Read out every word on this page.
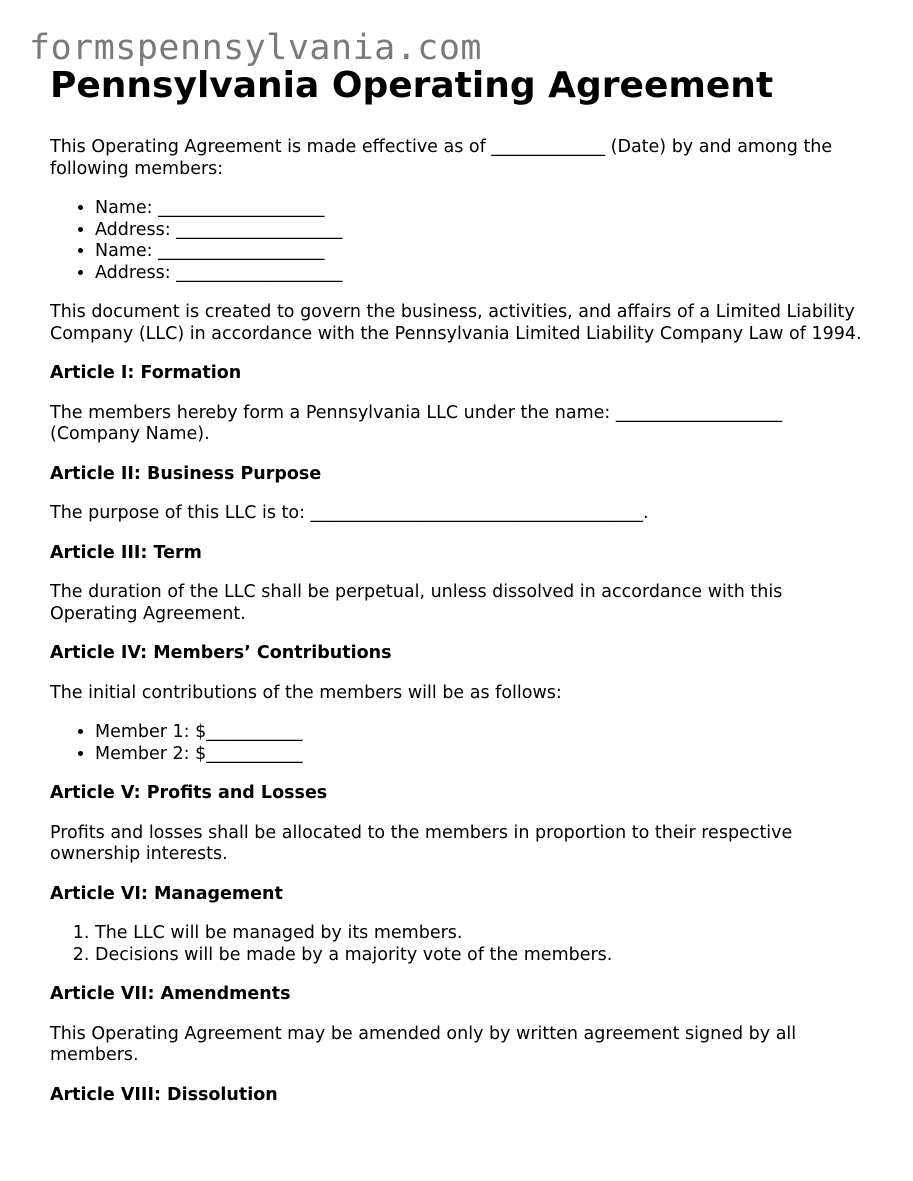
formspennsylvania.com
Pennsylvania Operating Agreement

This Operating Agreement is made effective as of _____________ (Date) by and among the following members:

• Name: ___________________
• Address: ___________________
• Name: ___________________
• Address: ___________________

This document is created to govern the business, activities, and affairs of a Limited Liability Company (LLC) in accordance with the Pennsylvania Limited Liability Company Law of 1994.

Article I: Formation

The members hereby form a Pennsylvania LLC under the name: ___________________ (Company Name).

Article II: Business Purpose

The purpose of this LLC is to: ______________________________________.

Article III: Term

The duration of the LLC shall be perpetual, unless dissolved in accordance with this Operating Agreement.

Article IV: Members’ Contributions

The initial contributions of the members will be as follows:

• Member 1: $___________
• Member 2: $___________
Article V: Profits and Losses

Profits and losses shall be allocated to the members in proportion to their respective ownership interests.

Article VI: Management
1. The LLC will be managed by its members.
2. Decisions will be made by a majority vote of the members.
Article VII: Amendments

This Operating Agreement may be amended only by written agreement signed by all members.

Article VIII: Dissolution
